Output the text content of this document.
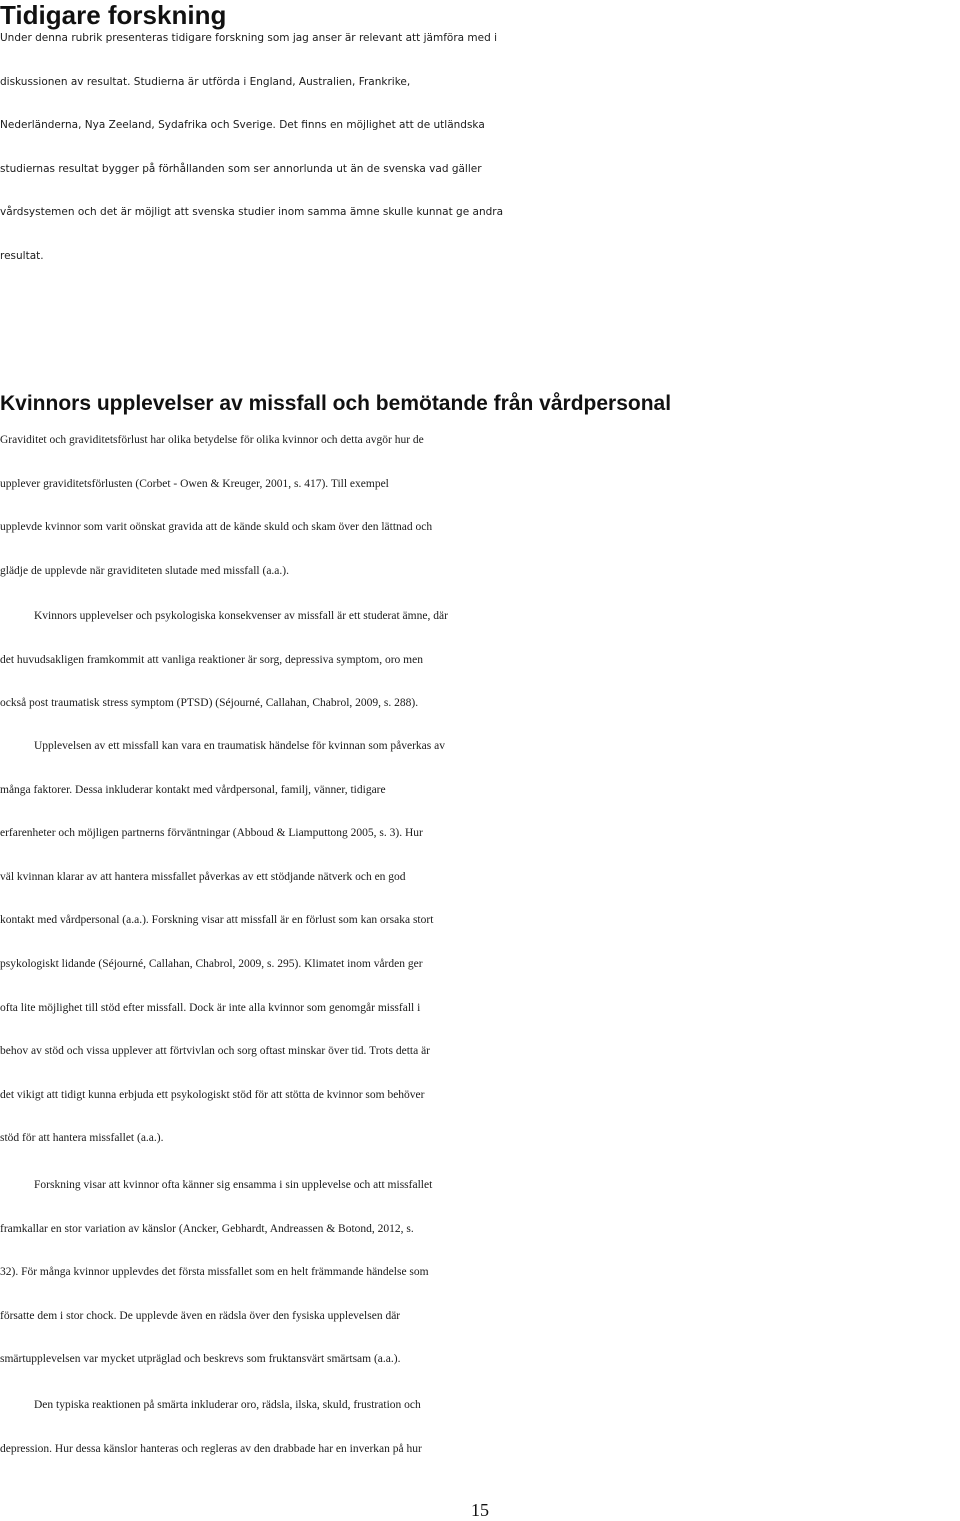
Tidigare forskning
Under denna rubrik presenteras tidigare forskning som jag anser är relevant att jämföra med i
diskussionen av resultat. Studierna är utförda i England, Australien, Frankrike,
Nederländerna, Nya Zeeland, Sydafrika och Sverige. Det finns en möjlighet att de utländska
studiernas resultat bygger på förhållanden som ser annorlunda ut än de svenska vad gäller
vårdsystemen och det är möjligt att svenska studier inom samma ämne skulle kunnat ge andra
resultat.
Kvinnors upplevelser av missfall och bemötande från vårdpersonal
Graviditet och graviditetsförlust har olika betydelse för olika kvinnor och detta avgör hur de
upplever graviditetsförlusten (Corbet - Owen & Kreuger, 2001, s. 417). Till exempel
upplevde kvinnor som varit oönskat gravida att de kände skuld och skam över den lättnad och
glädje de upplevde när graviditeten slutade med missfall (a.a.).
Kvinnors upplevelser och psykologiska konsekvenser av missfall är ett studerat ämne, där
det huvudsakligen framkommit att vanliga reaktioner är sorg, depressiva symptom, oro men
också post traumatisk stress symptom (PTSD) (Séjourné, Callahan, Chabrol, 2009, s. 288).
Upplevelsen av ett missfall kan vara en traumatisk händelse för kvinnan som påverkas av
många faktorer. Dessa inkluderar kontakt med vårdpersonal, familj, vänner, tidigare
erfarenheter och möjligen partnerns förväntningar (Abboud & Liamputtong 2005, s. 3). Hur
väl kvinnan klarar av att hantera missfallet påverkas av ett stödjande nätverk och en god
kontakt med vårdpersonal (a.a.). Forskning visar att missfall är en förlust som kan orsaka stort
psykologiskt lidande (Séjourné, Callahan, Chabrol, 2009, s. 295). Klimatet inom vården ger
ofta lite möjlighet till stöd efter missfall. Dock är inte alla kvinnor som genomgår missfall i
behov av stöd och vissa upplever att förtvivlan och sorg oftast minskar över tid. Trots detta är
det vikigt att tidigt kunna erbjuda ett psykologiskt stöd för att stötta de kvinnor som behöver
stöd för att hantera missfallet (a.a.).
Forskning visar att kvinnor ofta känner sig ensamma i sin upplevelse och att missfallet
framkallar en stor variation av känslor (Ancker, Gebhardt, Andreassen & Botond, 2012, s.
32). För många kvinnor upplevdes det första missfallet som en helt främmande händelse som
försatte dem i stor chock. De upplevde även en rädsla över den fysiska upplevelsen där
smärtupplevelsen var mycket utpräglad och beskrevs som fruktansvärt smärtsam (a.a.).
Den typiska reaktionen på smärta inkluderar oro, rädsla, ilska, skuld, frustration och
depression. Hur dessa känslor hanteras och regleras av den drabbade har en inverkan på hur
15
